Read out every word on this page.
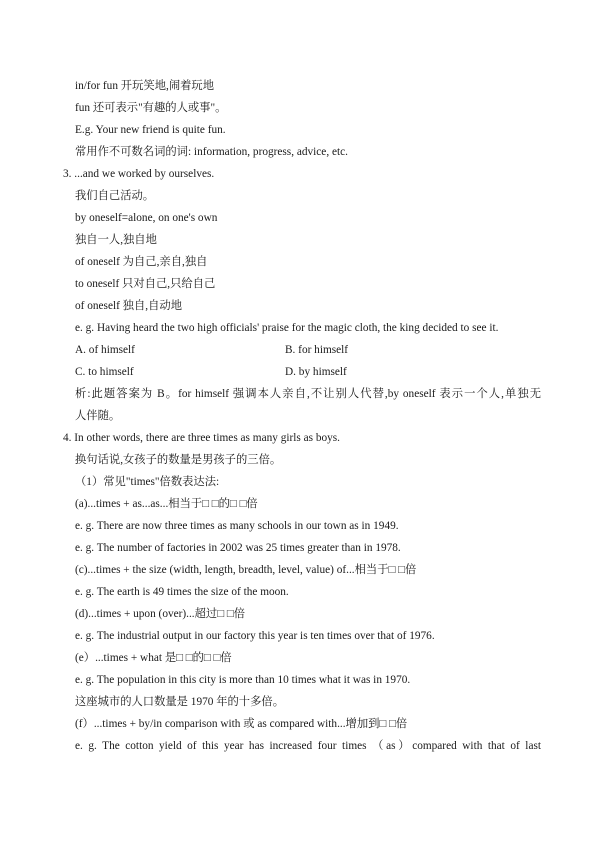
in/for fun 开玩笑地,闹着玩地
fun 还可表示"有趣的人或事"。
E.g. Your new friend is quite fun.
常用作不可数名词的词: information, progress, advice, etc.
3. ...and we worked by ourselves.
我们自己活动。
by oneself=alone, on one's own
独自一人,独自地
of oneself 为自己,亲自,独自
to oneself 只对自己,只给自己
of oneself 独自,自动地
e. g. Having heard the two high officials' praise for the magic cloth, the king decided to see it.
A. of himself	B. for himself
C. to himself	D. by himself
析:此题答案为 B。for himself 强调本人亲自,不让别人代替,by oneself 表示一个人,单独无
人伴随。
4. In other words, there are three times as many girls as boys.
换句话说,女孩子的数量是男孩子的三倍。
（1）常见"times"倍数表达法:
(a)...times + as...as...相当于□ □的□ □倍
e. g. There are now three times as many schools in our town as in 1949.
e. g. The number of factories in 2002 was 25 times greater than in 1978.
(c)...times + the size (width, length, breadth, level, value) of...相当于□ □倍
e. g. The earth is 49 times the size of the moon.
(d)...times + upon (over)...超过□ □倍
e. g. The industrial output in our factory this year is ten times over that of 1976.
(e）...times + what 是□ □的□ □倍
e. g. The population in this city is more than 10 times what it was in 1970.
这座城市的人口数量是 1970 年的十多倍。
(f）...times + by/in comparison with 或 as compared with...增加到□ □倍
e. g. The cotton yield of this year has increased four times （as）compared with that of last
